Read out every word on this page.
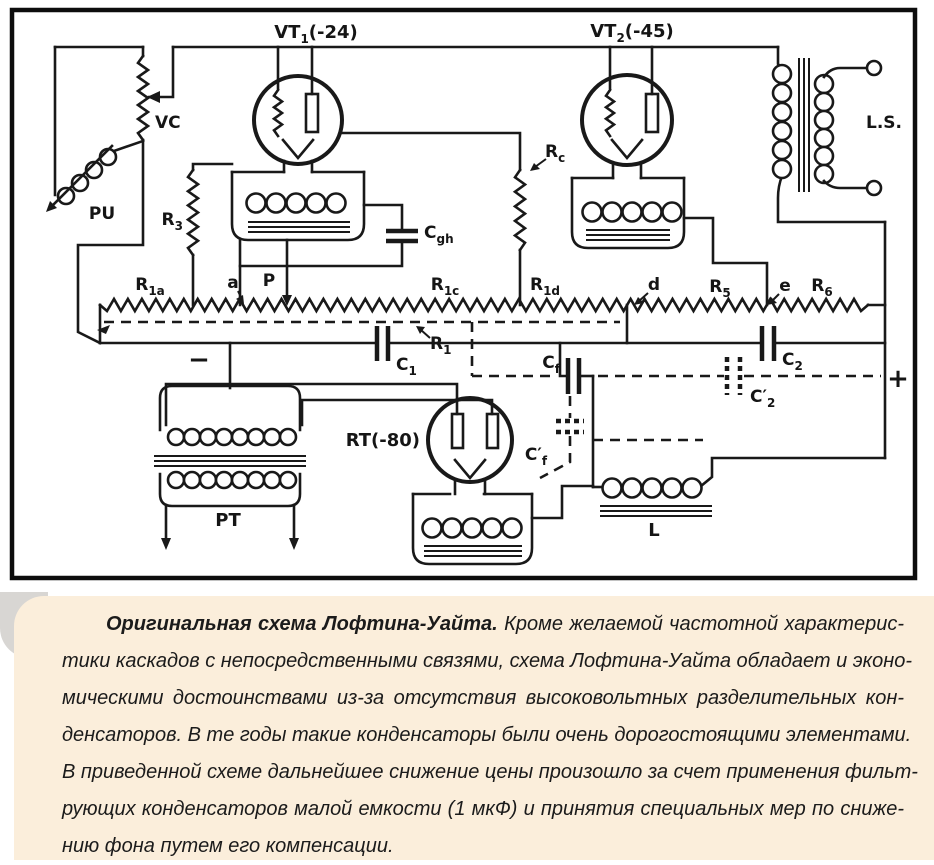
$VT_1(-24)$	$VT_2(-45)$
RT(-80)
VC
PU	$R_3$
$R_c$
$C_{gh}$
$R_{1a}$	$R_{1c}$	$R_{1d}$	$R_5$	$R_6$
a P	d	e
$R_1$
$C_1$
$C_2$
$C'_2$
$C_f$
$C'_f$
L
PT
L.S.
−
+

Оригинальная схема Лофтина-Уайта. Кроме желаемой частотной характерис-

тики каскадов с непосредственными связями, схема Лофтина-Уайта обладает и эконо-

мическими достоинствами из-за отсутствия высоковольтных разделительных кон-

денсаторов. В те годы такие конденсаторы были очень дорогостоящими элементами.

В приведенной схеме дальнейшее снижение цены произошло за счет применения фильт-

рующих конденсаторов малой емкости (1 мкФ) и принятия специальных мер по сниже-

нию фона путем его компенсации.
